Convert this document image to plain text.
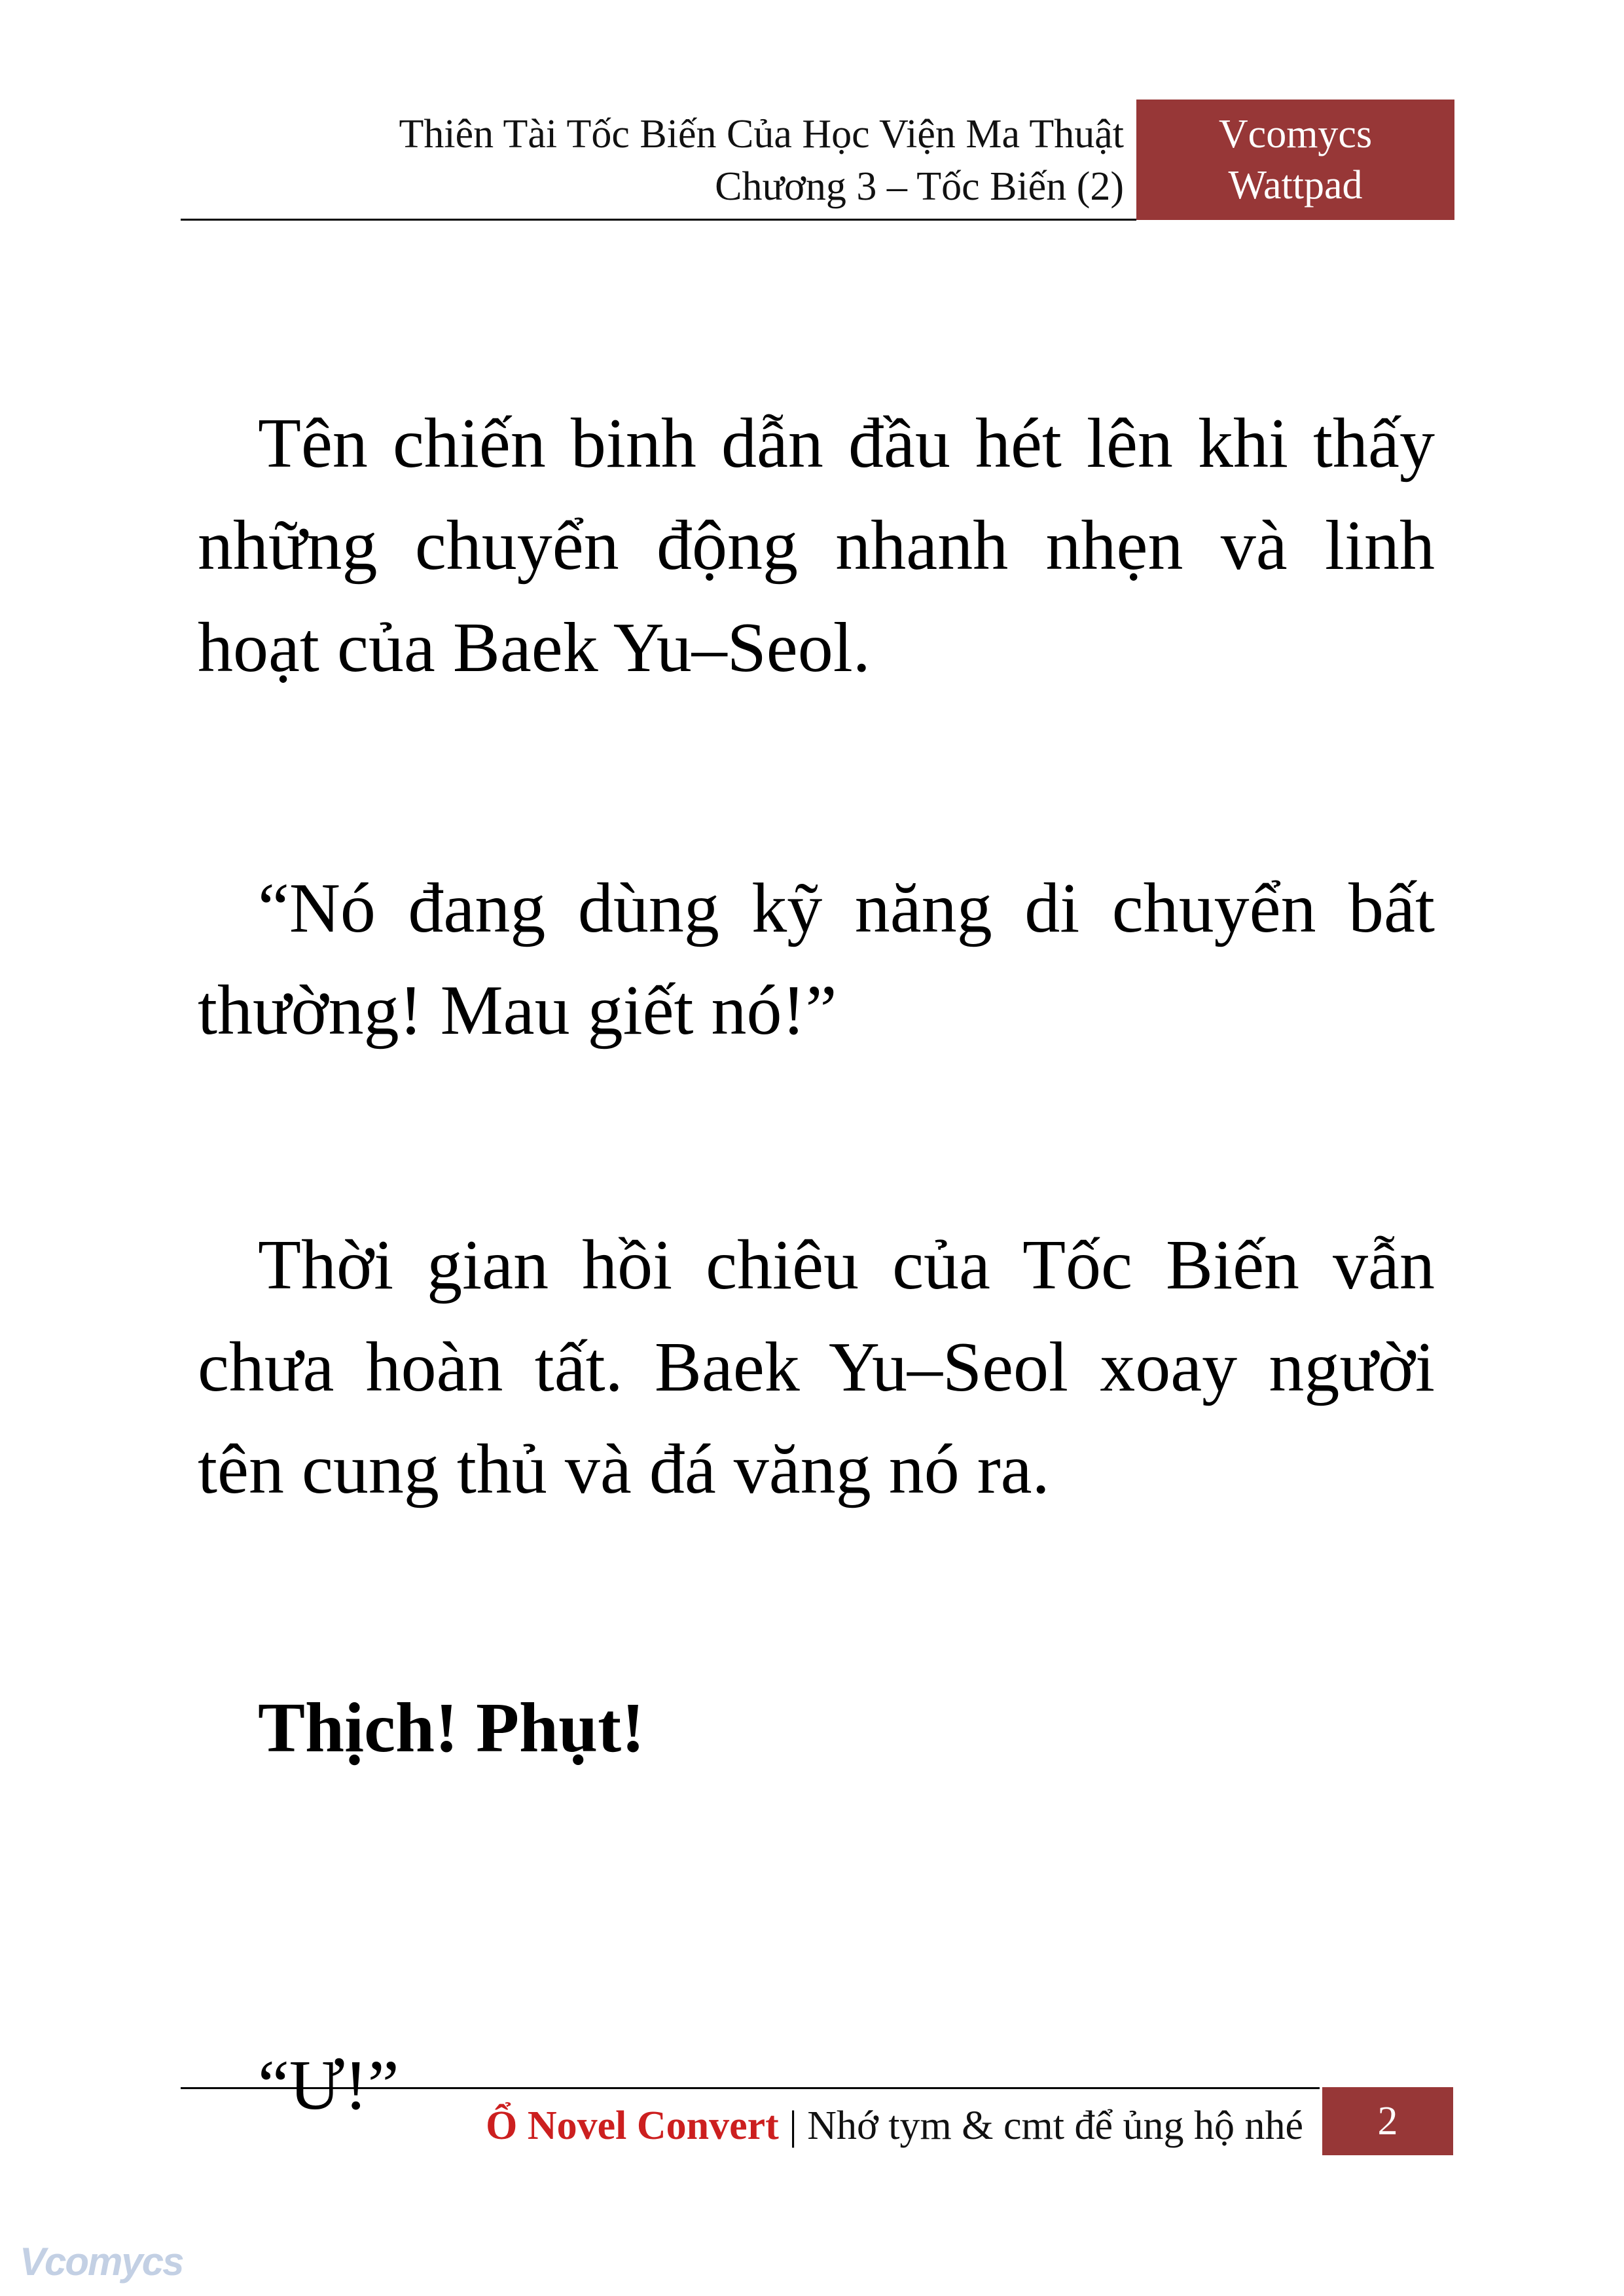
Thiên Tài Tốc Biến Của Học Viện Ma Thuật
Chương 3 – Tốc Biến (2)
Vcomycs
Wattpad

Tên chiến binh dẫn đầu hét lên khi thấy những chuyển động nhanh nhẹn và linh hoạt của Baek Yu–Seol.

“Nó đang dùng kỹ năng di chuyển bất thường! Mau giết nó!”

Thời gian hồi chiêu của Tốc Biến vẫn chưa hoàn tất. Baek Yu–Seol xoay người tên cung thủ và đá văng nó ra.

Thịch! Phụt!

“Ư!”

Ổ Novel Convert | Nhớ tym & cmt để ủng hộ nhé	2
Vcomycs
